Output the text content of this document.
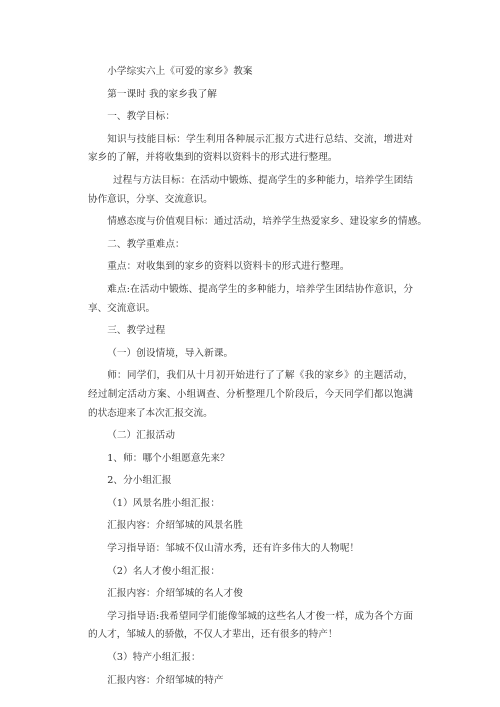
小学综实六上《可爱的家乡》教案
第一课时 我的家乡我了解
一、教学目标：
知识与技能目标：学生利用各种展示汇报方式进行总结、交流，增进对家乡的了解，并将收集到的资料以资料卡的形式进行整理。
过程与方法目标：在活动中锻炼、提高学生的多种能力，培养学生团结协作意识，分享、交流意识。
情感态度与价值观目标：通过活动，培养学生热爱家乡、建设家乡的情感。
二、教学重难点：
重点：对收集到的家乡的资料以资料卡的形式进行整理。
难点:在活动中锻炼、提高学生的多种能力，培养学生团结协作意识，分享、交流意识。
三、教学过程
（一）创设情境，导入新课。
师：同学们，我们从十月初开始进行了了解《我的家乡》的主题活动，经过制定活动方案、小组调查、分析整理几个阶段后，今天同学们都以饱满的状态迎来了本次汇报交流。
（二）汇报活动
1、师：哪个小组愿意先来？
2、分小组汇报
（1）风景名胜小组汇报：
汇报内容：介绍邹城的风景名胜
学习指导语：邹城不仅山清水秀，还有许多伟大的人物呢！
（2）名人才俊小组汇报：
汇报内容：介绍邹城的名人才俊
学习指导语:我希望同学们能像邹城的这些名人才俊一样，成为各个方面的人才，邹城人的骄傲，不仅人才辈出，还有很多的特产！
（3）特产小组汇报：
汇报内容：介绍邹城的特产
